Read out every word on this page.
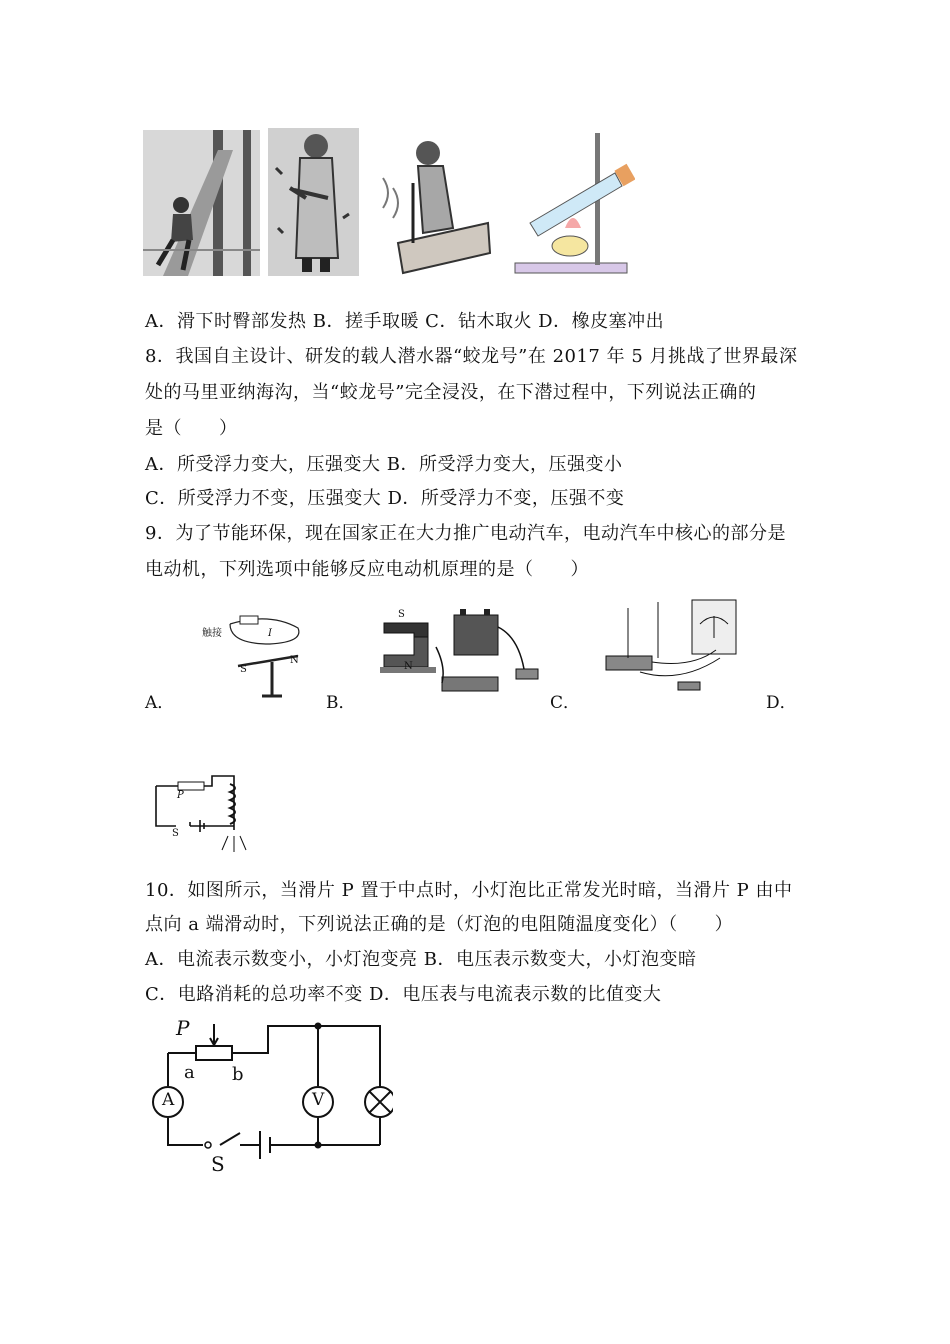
A．滑下时臀部发热 B．搓手取暖 C．钻木取火 D．橡皮塞冲出
8．我国自主设计、研发的载人潜水器“蛟龙号”在 2017 年 5 月挑战了世界最深
处的马里亚纳海沟，当“蛟龙号”完全浸没，在下潜过程中，下列说法正确的
是（　　）
A．所受浮力变大，压强变大 B．所受浮力变大，压强变小
C．所受浮力不变，压强变大 D．所受浮力不变，压强不变
9．为了节能环保，现在国家正在大力推广电动汽车，电动汽车中核心的部分是
电动机，下列选项中能够反应电动机原理的是（　　）
触接
S
N
I
S
N
A．	B．	C．	D．
P
S
10．如图所示，当滑片 P 置于中点时，小灯泡比正常发光时暗，当滑片 P 由中
点向 a 端滑动时，下列说法正确的是（灯泡的电阻随温度变化）（　　）
A．电流表示数变小，小灯泡变亮 B．电压表示数变大，小灯泡变暗
C．电路消耗的总功率不变 D．电压表与电流表示数的比值变大
P
a b
A	V
S
